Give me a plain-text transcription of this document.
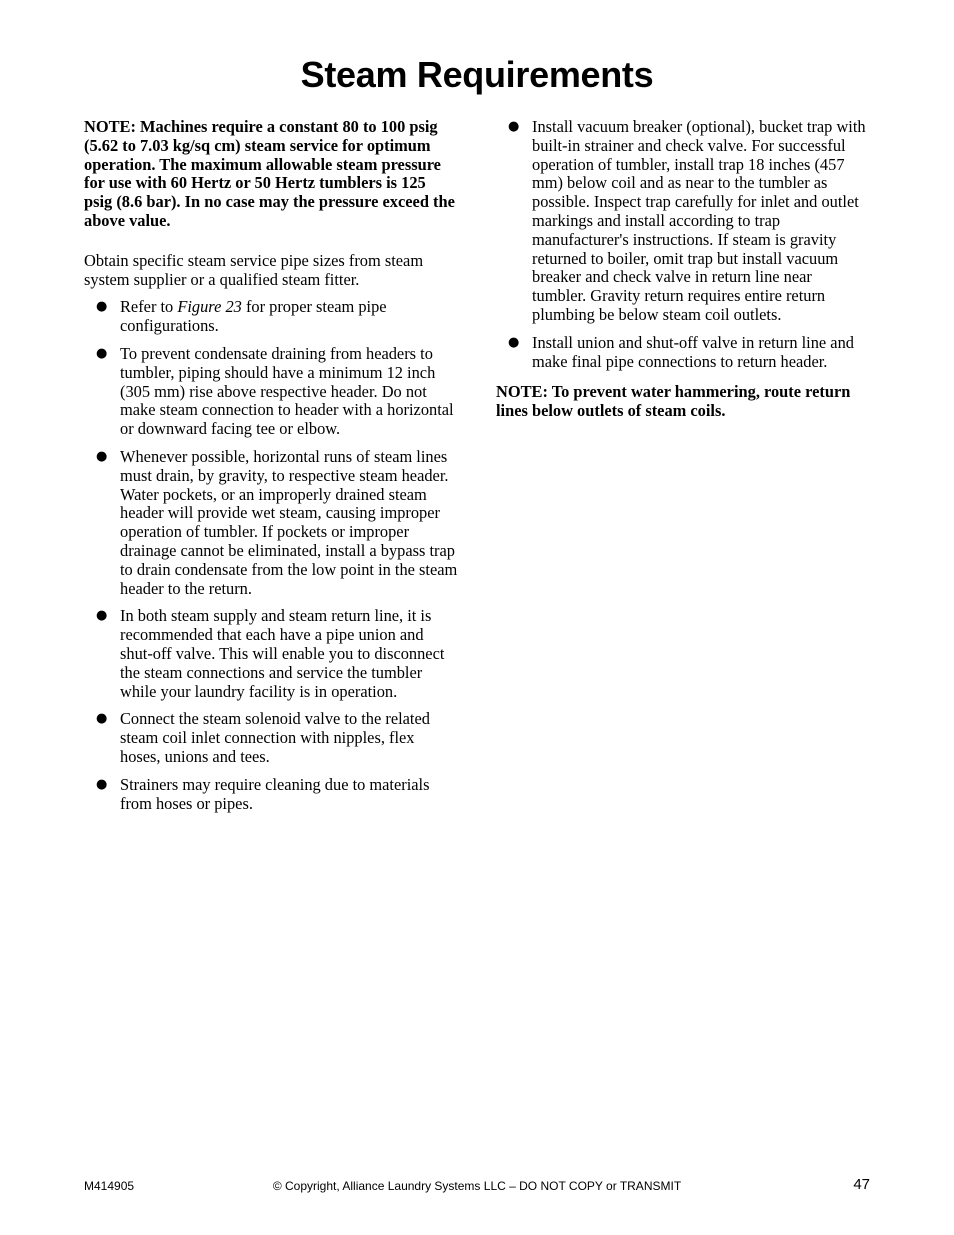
Steam Requirements

NOTE: Machines require a constant 80 to 100 psig (5.62 to 7.03 kg/sq cm) steam service for optimum operation. The maximum allowable steam pressure for use with 60 Hertz or 50 Hertz tumblers is 125 psig (8.6 bar). In no case may the pressure exceed the above value.

Obtain specific steam service pipe sizes from steam system supplier or a qualified steam fitter.

● Refer to Figure 23 for proper steam pipe configurations.
● To prevent condensate draining from headers to tumbler, piping should have a minimum 12 inch (305 mm) rise above respective header. Do not make steam connection to header with a horizontal or downward facing tee or elbow.
● Whenever possible, horizontal runs of steam lines must drain, by gravity, to respective steam header. Water pockets, or an improperly drained steam header will provide wet steam, causing improper operation of tumbler. If pockets or improper drainage cannot be eliminated, install a bypass trap to drain condensate from the low point in the steam header to the return.
● In both steam supply and steam return line, it is recommended that each have a pipe union and shut-off valve. This will enable you to disconnect the steam connections and service the tumbler while your laundry facility is in operation.
● Connect the steam solenoid valve to the related steam coil inlet connection with nipples, flex hoses, unions and tees.
● Strainers may require cleaning due to materials from hoses or pipes.
● Install vacuum breaker (optional), bucket trap with built-in strainer and check valve. For successful operation of tumbler, install trap 18 inches (457 mm) below coil and as near to the tumbler as possible. Inspect trap carefully for inlet and outlet markings and install according to trap manufacturer's instructions. If steam is gravity returned to boiler, omit trap but install vacuum breaker and check valve in return line near tumbler. Gravity return requires entire return plumbing be below steam coil outlets.
● Install union and shut-off valve in return line and make final pipe connections to return header.

NOTE: To prevent water hammering, route return lines below outlets of steam coils.

M414905	© Copyright, Alliance Laundry Systems LLC – DO NOT COPY or TRANSMIT	47
